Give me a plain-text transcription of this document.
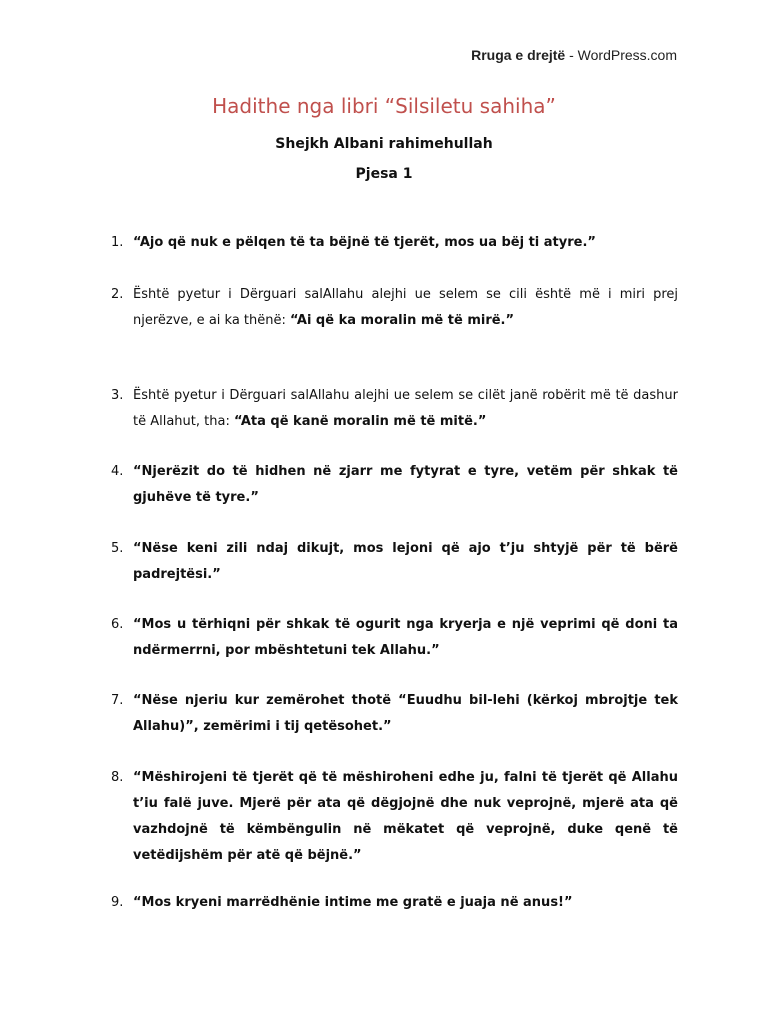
Rruga e drejtë - WordPress.com
Hadithe nga libri “Silsiletu sahiha”
Shejkh Albani rahimehullah
Pjesa 1
1. “Ajo që nuk e pëlqen të ta bëjnë të tjerët, mos ua bëj ti atyre.”
2. Është pyetur i Dërguari salAllahu alejhi ue selem se cili është më i miri prej njerëzve, e ai ka thënë: “Ai që ka moralin më të mirë.”
3. Është pyetur i Dërguari salAllahu alejhi ue selem se cilët janë robërit më të dashur të Allahut, tha: “Ata që kanë moralin më të mitë.”
4. “Njerëzit do të hidhen në zjarr me fytyrat e tyre, vetëm për shkak të gjuhëve të tyre.”
5. “Nëse keni zili ndaj dikujt, mos lejoni që ajo t’ju shtyjë për të bërë padrejtësi.”
6. “Mos u tërhiqni për shkak të ogurit nga kryerja e një veprimi që doni ta ndërmerrni, por mbështetuni tek Allahu.”
7. “Nëse njeriu kur zemërohet thotë “Euudhu bil-lehi (kërkoj mbrojtje tek Allahu)”, zemërimi i tij qetësohet.”
8. “Mëshirojeni të tjerët që të mëshiroheni edhe ju, falni të tjerët që Allahu t’iu falë juve. Mjerë për ata që dëgjojnë dhe nuk veprojnë, mjerë ata që vazhdojnë të këmbëngulin në mëkatet që veprojnë, duke qenë të vetëdijshëm për atë që bëjnë.”
9. “Mos kryeni marrëdhënie intime me gratë e juaja në anus!”
